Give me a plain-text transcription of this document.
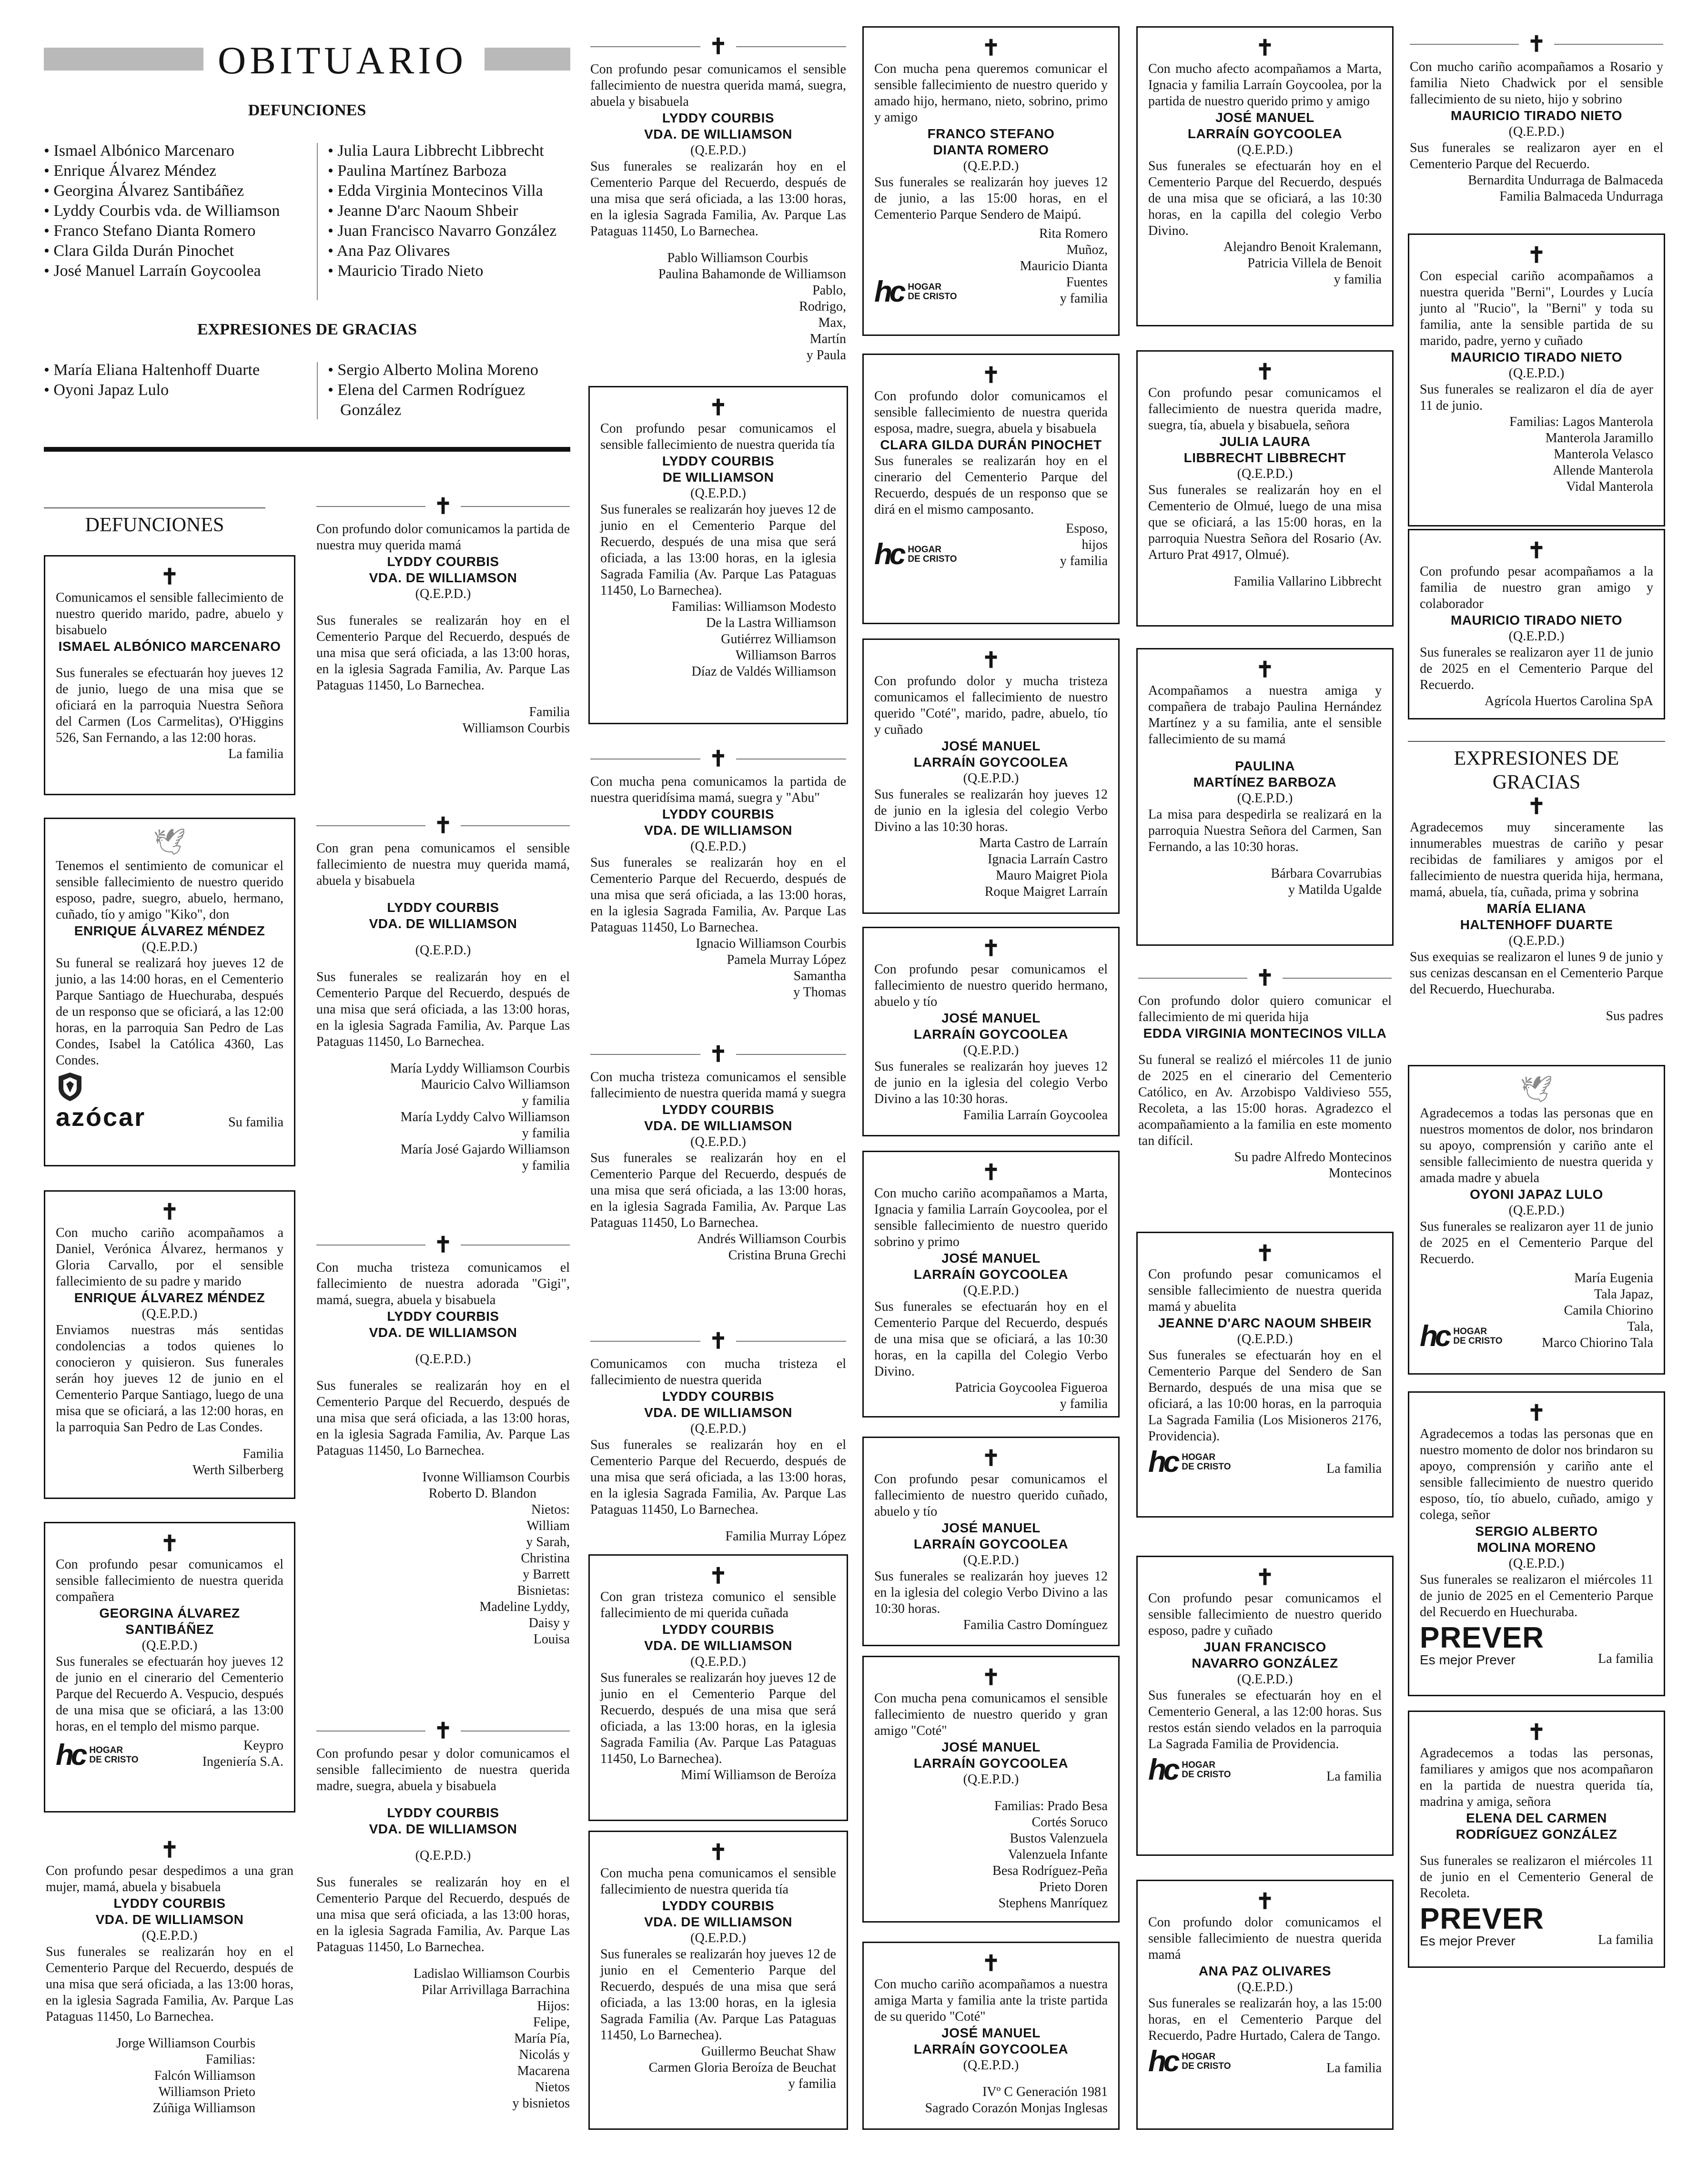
OBITUARIO
DEFUNCIONES
• Ismael Albónico Marcenaro
• Enrique Álvarez Méndez
• Georgina Álvarez Santibáñez
• Lyddy Courbis vda. de Williamson
• Franco Stefano Dianta Romero
• Clara Gilda Durán Pinochet
• José Manuel Larraín Goycoolea
• Julia Laura Libbrecht Libbrecht
• Paulina Martínez Barboza
• Edda Virginia Montecinos Villa
• Jeanne D'arc Naoum Shbeir
• Juan Francisco Navarro González
• Ana Paz Olivares
• Mauricio Tirado Nieto
EXPRESIONES DE GRACIAS
• María Eliana Haltenhoff Duarte
• Oyoni Japaz Lulo
• Sergio Alberto Molina Moreno
• Elena del Carmen Rodríguez González
DEFUNCIONES
✝

Comunicamos el sensible fallecimiento de nuestro querido marido, padre, abuelo y bisabuelo

ISMAEL ALBÓNICO MARCENARO

Sus funerales se efectuarán hoy jueves 12 de junio, luego de una misa que se oficiará en la parroquia Nuestra Señora del Carmen (Los Carmelitas), O'Higgins 526, San Fernando, a las 12:00 horas.

La familia

🕊

Tenemos el sentimiento de comunicar el sensible fallecimiento de nuestro querido esposo, padre, suegro, abuelo, hermano, cuñado, tío y amigo "Kiko", don

ENRIQUE ÁLVAREZ MÉNDEZ

(Q.E.P.D.)

Su funeral se realizará hoy jueves 12 de junio, a las 14:00 horas, en el Cementerio Parque Santiago de Huechuraba, después de un responso que se oficiará, a las 12:00 horas, en la parroquia San Pedro de Las Condes, Isabel la Católica 4360, Las Condes.

azócar	Su familia

✝

Con mucho cariño acompañamos a Daniel, Verónica Álvarez, hermanos y Gloria Carvallo, por el sensible fallecimiento de su padre y marido

ENRIQUE ÁLVAREZ MÉNDEZ

(Q.E.P.D.)

Enviamos nuestras más sentidas condolencias a todos quienes lo conocieron y quisieron. Sus funerales serán hoy jueves 12 de junio en el Cementerio Parque Santiago, luego de una misa que se oficiará, a las 12:00 horas, en la parroquia San Pedro de Las Condes.

Familia

Werth Silberberg

✝

Con profundo pesar comunicamos el sensible fallecimiento de nuestra querida compañera

GEORGINA ÁLVAREZ SANTIBÁÑEZ

(Q.E.P.D.)

Sus funerales se efectuarán hoy jueves 12 de junio en el cinerario del Cementerio Parque del Recuerdo A. Vespucio, después de una misa que se oficiará, a las 13:00 horas, en el templo del mismo parque.

hc HOGAR
DE CRISTO

Keypro

Ingeniería S.A.

✝

Con profundo pesar despedimos a una gran mujer, mamá, abuela y bisabuela

LYDDY COURBIS

VDA. DE WILLIAMSON

(Q.E.P.D.)

Sus funerales se realizarán hoy en el Cementerio Parque del Recuerdo, después de una misa que será oficiada, a las 13:00 horas, en la iglesia Sagrada Familia, Av. Parque Las Pataguas 11450, Lo Barnechea.

Jorge Williamson Courbis

Familias:

Falcón Williamson

Williamson Prieto

Zúñiga Williamson

✝

Con profundo dolor comunicamos la partida de nuestra muy querida mamá

LYDDY COURBIS

VDA. DE WILLIAMSON

(Q.E.P.D.)

Sus funerales se realizarán hoy en el Cementerio Parque del Recuerdo, después de una misa que será oficiada, a las 13:00 horas, en la iglesia Sagrada Familia, Av. Parque Las Pataguas 11450, Lo Barnechea.

Familia

Williamson Courbis

✝

Con gran pena comunicamos el sensible fallecimiento de nuestra muy querida mamá, abuela y bisabuela

LYDDY COURBIS

VDA. DE WILLIAMSON

(Q.E.P.D.)

Sus funerales se realizarán hoy en el Cementerio Parque del Recuerdo, después de una misa que será oficiada, a las 13:00 horas, en la iglesia Sagrada Familia, Av. Parque Las Pataguas 11450, Lo Barnechea.

María Lyddy Williamson Courbis

Mauricio Calvo Williamson

y familia

María Lyddy Calvo Williamson

y familia

María José Gajardo Williamson

y familia

✝

Con mucha tristeza comunicamos el fallecimiento de nuestra adorada "Gigi", mamá, suegra, abuela y bisabuela

LYDDY COURBIS

VDA. DE WILLIAMSON

(Q.E.P.D.)

Sus funerales se realizarán hoy en el Cementerio Parque del Recuerdo, después de una misa que será oficiada, a las 13:00 horas, en la iglesia Sagrada Familia, Av. Parque Las Pataguas 11450, Lo Barnechea.

Ivonne Williamson Courbis

Roberto D. Blandon

Nietos:

William

y Sarah,

Christina

y Barrett

Bisnietas:

Madeline Lyddy,

Daisy y

Louisa

✝

Con profundo pesar y dolor comunicamos el sensible fallecimiento de nuestra querida madre, suegra, abuela y bisabuela

LYDDY COURBIS

VDA. DE WILLIAMSON

(Q.E.P.D.)

Sus funerales se realizarán hoy en el Cementerio Parque del Recuerdo, después de una misa que será oficiada, a las 13:00 horas, en la iglesia Sagrada Familia, Av. Parque Las Pataguas 11450, Lo Barnechea.

Ladislao Williamson Courbis

Pilar Arrivillaga Barrachina

Hijos:

Felipe,

María Pía,

Nicolás y

Macarena

Nietos

y bisnietos

✝

Con profundo pesar comunicamos el sensible fallecimiento de nuestra querida mamá, suegra, abuela y bisabuela

LYDDY COURBIS

VDA. DE WILLIAMSON

(Q.E.P.D.)

Sus funerales se realizarán hoy en el Cementerio Parque del Recuerdo, después de una misa que será oficiada, a las 13:00 horas, en la iglesia Sagrada Familia, Av. Parque Las Pataguas 11450, Lo Barnechea.

Pablo Williamson Courbis

Paulina Bahamonde de Williamson

Pablo,

Rodrigo,

Max,

Martín

y Paula

✝

Con profundo pesar comunicamos el sensible fallecimiento de nuestra querida tía

LYDDY COURBIS

DE WILLIAMSON

(Q.E.P.D.)

Sus funerales se realizarán hoy jueves 12 de junio en el Cementerio Parque del Recuerdo, después de una misa que será oficiada, a las 13:00 horas, en la iglesia Sagrada Familia (Av. Parque Las Pataguas 11450, Lo Barnechea).

Familias: Williamson Modesto

De la Lastra Williamson

Gutiérrez Williamson

Williamson Barros

Díaz de Valdés Williamson

✝

Con mucha pena comunicamos la partida de nuestra queridísima mamá, suegra y "Abu"

LYDDY COURBIS

VDA. DE WILLIAMSON

(Q.E.P.D.)

Sus funerales se realizarán hoy en el Cementerio Parque del Recuerdo, después de una misa que será oficiada, a las 13:00 horas, en la iglesia Sagrada Familia, Av. Parque Las Pataguas 11450, Lo Barnechea.

Ignacio Williamson Courbis

Pamela Murray López

Samantha

y Thomas

✝

Con mucha tristeza comunicamos el sensible fallecimiento de nuestra querida mamá y suegra

LYDDY COURBIS

VDA. DE WILLIAMSON

(Q.E.P.D.)

Sus funerales se realizarán hoy en el Cementerio Parque del Recuerdo, después de una misa que será oficiada, a las 13:00 horas, en la iglesia Sagrada Familia, Av. Parque Las Pataguas 11450, Lo Barnechea.

Andrés Williamson Courbis

Cristina Bruna Grechi

✝

Comunicamos con mucha tristeza el fallecimiento de nuestra querida

LYDDY COURBIS

VDA. DE WILLIAMSON

(Q.E.P.D.)

Sus funerales se realizarán hoy en el Cementerio Parque del Recuerdo, después de una misa que será oficiada, a las 13:00 horas, en la iglesia Sagrada Familia, Av. Parque Las Pataguas 11450, Lo Barnechea.

Familia Murray López

✝

Con gran tristeza comunico el sensible fallecimiento de mi querida cuñada

LYDDY COURBIS

VDA. DE WILLIAMSON

(Q.E.P.D.)

Sus funerales se realizarán hoy jueves 12 de junio en el Cementerio Parque del Recuerdo, después de una misa que será oficiada, a las 13:00 horas, en la iglesia Sagrada Familia (Av. Parque Las Pataguas 11450, Lo Barnechea).

Mimí Williamson de Beroíza

✝

Con mucha pena comunicamos el sensible fallecimiento de nuestra querida tía

LYDDY COURBIS

VDA. DE WILLIAMSON

(Q.E.P.D.)

Sus funerales se realizarán hoy jueves 12 de junio en el Cementerio Parque del Recuerdo, después de una misa que será oficiada, a las 13:00 horas, en la iglesia Sagrada Familia (Av. Parque Las Pataguas 11450, Lo Barnechea).

Guillermo Beuchat Shaw

Carmen Gloria Beroíza de Beuchat

y familia

✝

Con mucha pena queremos comunicar el sensible fallecimiento de nuestro querido y amado hijo, hermano, nieto, sobrino, primo y amigo

FRANCO STEFANO

DIANTA ROMERO

(Q.E.P.D.)

Sus funerales se realizarán hoy jueves 12 de junio, a las 15:00 horas, en el Cementerio Parque Sendero de Maipú.

hc HOGAR
DE CRISTO

Rita Romero

Muñoz,

Mauricio Dianta

Fuentes

y familia

✝

Con profundo dolor comunicamos el sensible fallecimiento de nuestra querida esposa, madre, suegra, abuela y bisabuela

CLARA GILDA DURÁN PINOCHET

Sus funerales se realizarán hoy en el cinerario del Cementerio Parque del Recuerdo, después de un responso que se dirá en el mismo camposanto.

hc HOGAR
DE CRISTO

Esposo,

hijos

y familia

✝

Con profundo dolor y mucha tristeza comunicamos el fallecimiento de nuestro querido "Coté", marido, padre, abuelo, tío y cuñado

JOSÉ MANUEL

LARRAÍN GOYCOOLEA

(Q.E.P.D.)

Sus funerales se realizarán hoy jueves 12 de junio en la iglesia del colegio Verbo Divino a las 10:30 horas.

Marta Castro de Larraín

Ignacia Larraín Castro

Mauro Maigret Piola

Roque Maigret Larraín

✝

Con profundo pesar comunicamos el fallecimiento de nuestro querido hermano, abuelo y tío

JOSÉ MANUEL

LARRAÍN GOYCOOLEA

(Q.E.P.D.)

Sus funerales se realizarán hoy jueves 12 de junio en la iglesia del colegio Verbo Divino a las 10:30 horas.

Familia Larraín Goycoolea

✝

Con mucho cariño acompañamos a Marta, Ignacia y familia Larraín Goycoolea, por el sensible fallecimiento de nuestro querido sobrino y primo

JOSÉ MANUEL

LARRAÍN GOYCOOLEA

(Q.E.P.D.)

Sus funerales se efectuarán hoy en el Cementerio Parque del Recuerdo, después de una misa que se oficiará, a las 10:30 horas, en la capilla del Colegio Verbo Divino.

Patricia Goycoolea Figueroa

y familia

✝

Con profundo pesar comunicamos el fallecimiento de nuestro querido cuñado, abuelo y tío

JOSÉ MANUEL

LARRAÍN GOYCOOLEA

(Q.E.P.D.)

Sus funerales se realizarán hoy jueves 12 en la iglesia del colegio Verbo Divino a las 10:30 horas.

Familia Castro Domínguez

✝

Con mucha pena comunicamos el sensible fallecimiento de nuestro querido y gran amigo "Coté"

JOSÉ MANUEL

LARRAÍN GOYCOOLEA

(Q.E.P.D.)

Familias: Prado Besa

Cortés Soruco

Bustos Valenzuela

Valenzuela Infante

Besa Rodríguez-Peña

Prieto Doren

Stephens Manríquez

✝

Con mucho cariño acompañamos a nuestra amiga Marta y familia ante la triste partida de su querido "Coté"

JOSÉ MANUEL

LARRAÍN GOYCOOLEA

(Q.E.P.D.)

IVº C Generación 1981

Sagrado Corazón Monjas Inglesas

✝

Con mucho afecto acompañamos a Marta, Ignacia y familia Larraín Goycoolea, por la partida de nuestro querido primo y amigo

JOSÉ MANUEL

LARRAÍN GOYCOOLEA

(Q.E.P.D.)

Sus funerales se efectuarán hoy en el Cementerio Parque del Recuerdo, después de una misa que se oficiará, a las 10:30 horas, en la capilla del colegio Verbo Divino.

Alejandro Benoit Kralemann,

Patricia Villela de Benoit

y familia

✝

Con profundo pesar comunicamos el fallecimiento de nuestra querida madre, suegra, tía, abuela y bisabuela, señora

JULIA LAURA

LIBBRECHT LIBBRECHT

(Q.E.P.D.)

Sus funerales se realizarán hoy en el Cementerio de Olmué, luego de una misa que se oficiará, a las 15:00 horas, en la parroquia Nuestra Señora del Rosario (Av. Arturo Prat 4917, Olmué).

Familia Vallarino Libbrecht

✝

Acompañamos a nuestra amiga y compañera de trabajo Paulina Hernández Martínez y a su familia, ante el sensible fallecimiento de su mamá

PAULINA

MARTÍNEZ BARBOZA

(Q.E.P.D.)

La misa para despedirla se realizará en la parroquia Nuestra Señora del Carmen, San Fernando, a las 10:30 horas.

Bárbara Covarrubias

y Matilda Ugalde

✝

Con profundo dolor quiero comunicar el fallecimiento de mi querida hija

EDDA VIRGINIA MONTECINOS VILLA

Su funeral se realizó el miércoles 11 de junio de 2025 en el cinerario del Cementerio Católico, en Av. Arzobispo Valdivieso 555, Recoleta, a las 15:00 horas. Agradezco el acompañamiento a la familia en este momento tan difícil.

Su padre Alfredo Montecinos

Montecinos

✝

Con profundo pesar comunicamos el sensible fallecimiento de nuestra querida mamá y abuelita

JEANNE D'ARC NAOUM SHBEIR

(Q.E.P.D.)

Sus funerales se efectuarán hoy en el Cementerio Parque del Sendero de San Bernardo, después de una misa que se oficiará, a las 10:00 horas, en la parroquia La Sagrada Familia (Los Misioneros 2176, Providencia).

hc HOGAR
DE CRISTO	La familia

✝

Con profundo pesar comunicamos el sensible fallecimiento de nuestro querido esposo, padre y cuñado

JUAN FRANCISCO

NAVARRO GONZÁLEZ

(Q.E.P.D.)

Sus funerales se efectuarán hoy en el Cementerio General, a las 12:00 horas. Sus restos están siendo velados en la parroquia La Sagrada Familia de Providencia.

hc HOGAR
DE CRISTO	La familia

✝

Con profundo dolor comunicamos el sensible fallecimiento de nuestra querida mamá

ANA PAZ OLIVARES

(Q.E.P.D.)

Sus funerales se realizarán hoy, a las 15:00 horas, en el Cementerio Parque del Recuerdo, Padre Hurtado, Calera de Tango.

hc HOGAR
DE CRISTO	La familia

✝

Con mucho cariño acompañamos a Rosario y familia Nieto Chadwick por el sensible fallecimiento de su nieto, hijo y sobrino

MAURICIO TIRADO NIETO

(Q.E.P.D.)

Sus funerales se realizaron ayer en el Cementerio Parque del Recuerdo.

Bernardita Undurraga de Balmaceda

Familia Balmaceda Undurraga

✝

Con especial cariño acompañamos a nuestra querida "Berni", Lourdes y Lucía junto al "Rucio", la "Berni" y toda su familia, ante la sensible partida de su marido, padre, yerno y cuñado

MAURICIO TIRADO NIETO

(Q.E.P.D.)

Sus funerales se realizaron el día de ayer 11 de junio.

Familias: Lagos Manterola

Manterola Jaramillo

Manterola Velasco

Allende Manterola

Vidal Manterola

✝

Con profundo pesar acompañamos a la familia de nuestro gran amigo y colaborador

MAURICIO TIRADO NIETO

(Q.E.P.D.)

Sus funerales se realizaron ayer 11 de junio de 2025 en el Cementerio Parque del Recuerdo.

Agrícola Huertos Carolina SpA

EXPRESIONES DE GRACIAS
✝

Agradecemos muy sinceramente las innumerables muestras de cariño y pesar recibidas de familiares y amigos por el fallecimiento de nuestra querida hija, hermana, mamá, abuela, tía, cuñada, prima y sobrina

MARÍA ELIANA

HALTENHOFF DUARTE

(Q.E.P.D.)

Sus exequias se realizaron el lunes 9 de junio y sus cenizas descansan en el Cementerio Parque del Recuerdo, Huechuraba.

Sus padres

🕊

Agradecemos a todas las personas que en nuestros momentos de dolor, nos brindaron su apoyo, comprensión y cariño ante el sensible fallecimiento de nuestra querida y amada madre y abuela

OYONI JAPAZ LULO

(Q.E.P.D.)

Sus funerales se realizaron ayer 11 de junio de 2025 en el Cementerio Parque del Recuerdo.

hc HOGAR
DE CRISTO

María Eugenia

Tala Japaz,

Camila Chiorino

Tala,

Marco Chiorino Tala

✝

Agradecemos a todas las personas que en nuestro momento de dolor nos brindaron su apoyo, comprensión y cariño ante el sensible fallecimiento de nuestro querido esposo, tío, tío abuelo, cuñado, amigo y colega, señor

SERGIO ALBERTO

MOLINA MORENO

(Q.E.P.D.)

Sus funerales se realizaron el miércoles 11 de junio de 2025 en el Cementerio Parque del Recuerdo en Huechuraba.

PREVER
Es mejor Prever	La familia

✝

Agradecemos a todas las personas, familiares y amigos que nos acompañaron en la partida de nuestra querida tía, madrina y amiga, señora

ELENA DEL CARMEN

RODRÍGUEZ GONZÁLEZ

Sus funerales se realizaron el miércoles 11 de junio en el Cementerio General de Recoleta.

PREVER
Es mejor Prever	La familia
